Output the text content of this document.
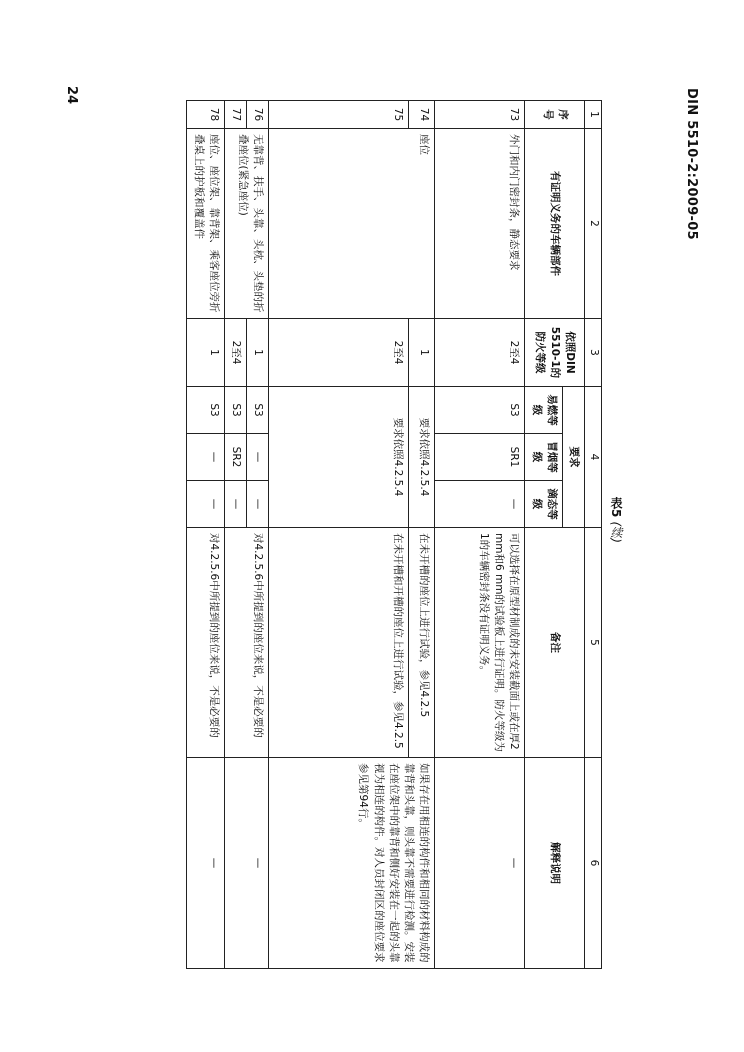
DIN 5510-2:2009-05
24
表5 (续)
1	2	3	4			5	6
序号	有证明义务的车辆部件	依照DIN 5510-1的防火等级	要求			备注	解释说明
			易燃等级	冒烟等级	滴态等级		
73	外门和内门密封条，静态要求	2至4	S3	SR1	—	可以选择在原型材制成的未安装截面上或在厚2 mm和6 mm的试验板上进行证明。防火等级为1的车辆密封条没有证明义务。	—
74	座位	1	要求依照4.2.5.4			在未开槽的座位上进行试验，参见4.2.5	如果存在用相连的构件和相同的材料构成的靠背和头靠，则头靠不需要进行检测。安装在座位架中的靠背和侧好安装在一起的头靠视为相连的构件。对人员封闭区的座位要求参见第94行。
75		2至4	要求依照4.2.5.4			在未开槽和开槽的座位上进行试验，参见4.2.5	
76	无靠背、扶手、头靠、头枕、头垫的折叠座位(紧急座位)	1	S3	—	—	对4.2.5.6中所提到的座位来说，不是必要的	—
77		2至4	S3	SR2	—		
78	座位、座位架、靠背架、乘客座位旁折叠桌上的护板和覆盖件	1	S3	—	—	对4.2.5.6中所提到的座位来说，不是必要的	—
